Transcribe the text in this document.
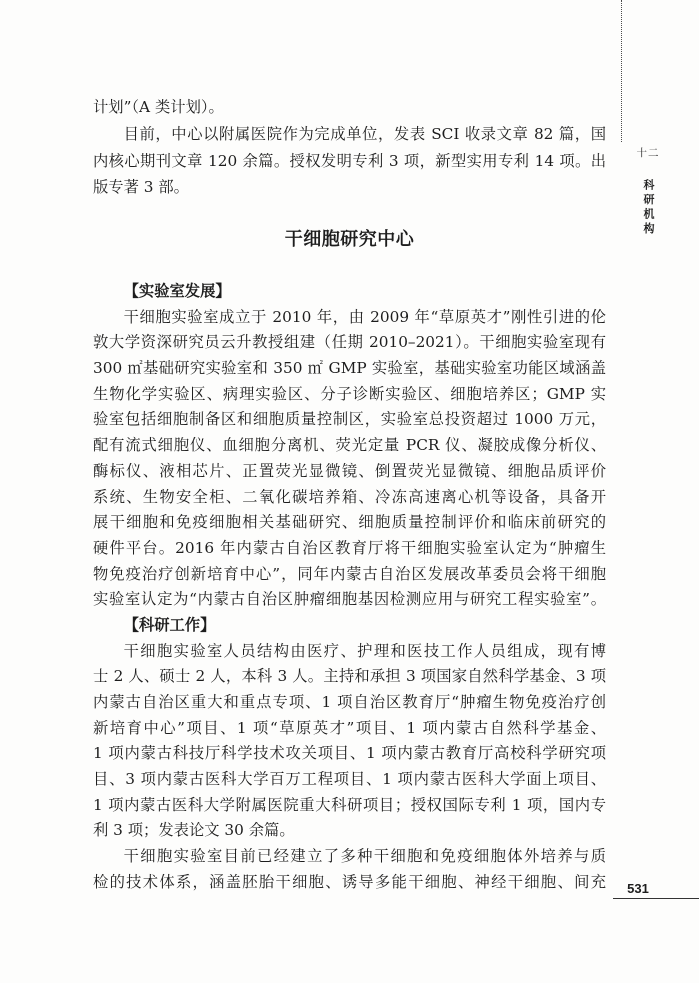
计划”（A 类计划）。
目前，中心以附属医院作为完成单位，发表 SCI 收录文章 82 篇，国
内核心期刊文章 120 余篇。授权发明专利 3 项，新型实用专利 14 项。出
版专著 3 部。
干细胞研究中心
【实验室发展】
干细胞实验室成立于 2010 年，由 2009 年“草原英才”刚性引进的伦
敦大学资深研究员云升教授组建（任期 2010–2021）。干细胞实验室现有
300 ㎡基础研究实验室和 350 ㎡ GMP 实验室，基础实验室功能区域涵盖
生物化学实验区、病理实验区、分子诊断实验区、细胞培养区；GMP 实
验室包括细胞制备区和细胞质量控制区，实验室总投资超过 1000 万元，
配有流式细胞仪、血细胞分离机、荧光定量 PCR 仪、凝胶成像分析仪、
酶标仪、液相芯片、正置荧光显微镜、倒置荧光显微镜、细胞品质评价
系统、生物安全柜、二氧化碳培养箱、冷冻高速离心机等设备，具备开
展干细胞和免疫细胞相关基础研究、细胞质量控制评价和临床前研究的
硬件平台。2016 年内蒙古自治区教育厅将干细胞实验室认定为“肿瘤生
物免疫治疗创新培育中心”，同年内蒙古自治区发展改革委员会将干细胞
实验室认定为“内蒙古自治区肿瘤细胞基因检测应用与研究工程实验室”。
【科研工作】
干细胞实验室人员结构由医疗、护理和医技工作人员组成，现有博
士 2 人、硕士 2 人，本科 3 人。主持和承担 3 项国家自然科学基金、3 项
内蒙古自治区重大和重点专项、1 项自治区教育厅“肿瘤生物免疫治疗创
新培育中心”项目、1 项“草原英才”项目、1 项内蒙古自然科学基金、
1 项内蒙古科技厅科学技术攻关项目、1 项内蒙古教育厅高校科学研究项
目、3 项内蒙古医科大学百万工程项目、1 项内蒙古医科大学面上项目、
1 项内蒙古医科大学附属医院重大科研项目；授权国际专利 1 项，国内专
利 3 项；发表论文 30 余篇。
干细胞实验室目前已经建立了多种干细胞和免疫细胞体外培养与质
检的技术体系，涵盖胚胎干细胞、诱导多能干细胞、神经干细胞、间充
十二
科研机构
531
